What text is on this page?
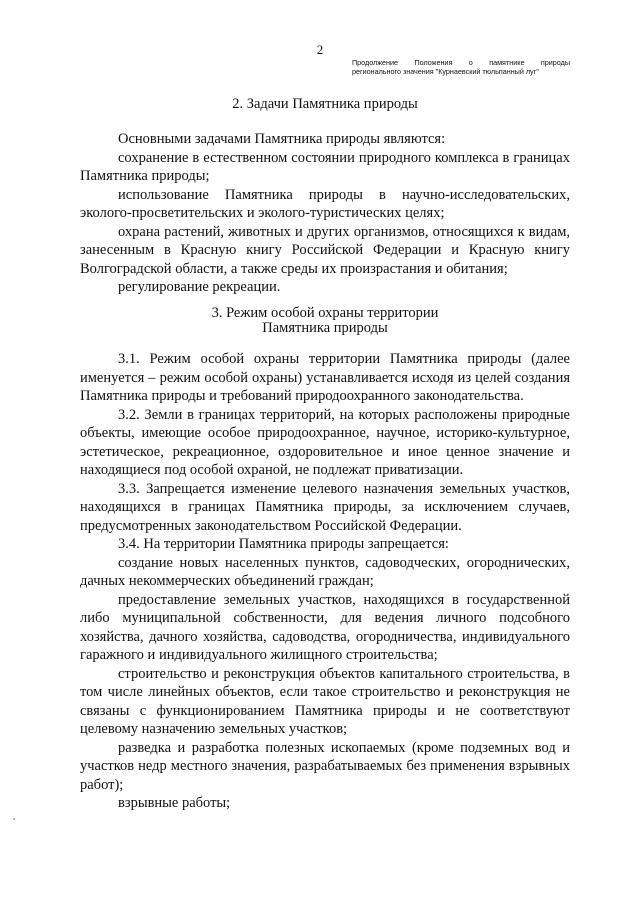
2
Продолжение Положения о памятнике природы
регионального значения "Курнаевский тюльпанный луг"
2. Задачи Памятника природы

Основными задачами Памятника природы являются:

сохранение в естественном состоянии природного комплекса в границах Памятника природы;

использование Памятника природы в научно-исследовательских, эколого-просветительских и эколого-туристических целях;

охрана растений, животных и других организмов, относящихся к видам, занесенным в Красную книгу Российской Федерации и Красную книгу Волгоградской области, а также среды их произрастания и обитания;

регулирование рекреации.

3. Режим особой охраны территории
Памятника природы

3.1. Режим особой охраны территории Памятника природы (далее именуется – режим особой охраны) устанавливается исходя из целей создания Памятника природы и требований природоохранного законодательства.

3.2. Земли в границах территорий, на которых расположены природные объекты, имеющие особое природоохранное, научное, историко-культурное, эстетическое, рекреационное, оздоровительное и иное ценное значение и находящиеся под особой охраной, не подлежат приватизации.

3.3. Запрещается изменение целевого назначения земельных участков, находящихся в границах Памятника природы, за исключением случаев, предусмотренных законодательством Российской Федерации.

3.4. На территории Памятника природы запрещается:

создание новых населенных пунктов, садоводческих, огороднических, дачных некоммерческих объединений граждан;

предоставление земельных участков, находящихся в государственной либо муниципальной собственности, для ведения личного подсобного хозяйства, дачного хозяйства, садоводства, огородничества, индивидуального гаражного и индивидуального жилищного строительства;

строительство и реконструкция объектов капитального строительства, в том числе линейных объектов, если такое строительство и реконструкция не связаны с функционированием Памятника природы и не соответствуют целевому назначению земельных участков;

разведка и разработка полезных ископаемых (кроме подземных вод и участков недр местного значения, разрабатываемых без применения взрывных работ);

взрывные работы;
